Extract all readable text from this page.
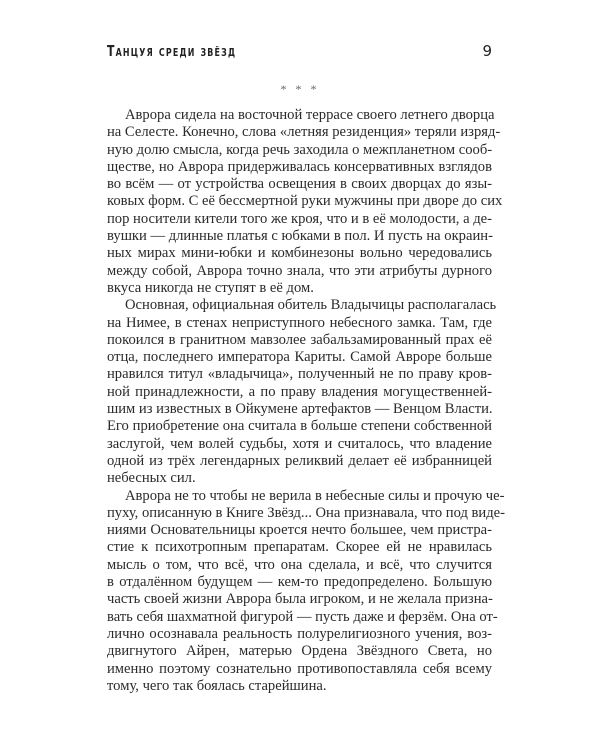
Танцуя среди звёзд	9
* * *
Аврора сидела на восточной террасе своего летнего дворца
на Селесте. Конечно, слова «летняя резиденция» теряли изряд-
ную долю смысла, когда речь заходила о межпланетном сооб-
ществе, но Аврора придерживалась консервативных взглядов
во всём — от устройства освещения в своих дворцах до язы-
ковых форм. С её бессмертной руки мужчины при дворе до сих
пор носители кители того же кроя, что и в её молодости, а де-
вушки — длинные платья с юбками в пол. И пусть на окраин-
ных мирах мини-юбки и комбинезоны вольно чередовались
между собой, Аврора точно знала, что эти атрибуты дурного
вкуса никогда не ступят в её дом.
Основная, официальная обитель Владычицы располагалась
на Нимее, в стенах неприступного небесного замка. Там, где
покоился в гранитном мавзолее забальзамированный прах её
отца, последнего императора Кариты. Самой Авроре больше
нравился титул «владычица», полученный не по праву кров-
ной принадлежности, а по праву владения могущественней-
шим из известных в Ойкумене артефактов — Венцом Власти.
Его приобретение она считала в больше степени собственной
заслугой, чем волей судьбы, хотя и считалось, что владение
одной из трёх легендарных реликвий делает её избранницей
небесных сил.
Аврора не то чтобы не верила в небесные силы и прочую че-
пуху, описанную в Книге Звёзд... Она признавала, что под виде-
ниями Основательницы кроется нечто большее, чем пристра-
стие к психотропным препаратам. Скорее ей не нравилась
мысль о том, что всё, что она сделала, и всё, что случится
в отдалённом будущем — кем-то предопределено. Большую
часть своей жизни Аврора была игроком, и не желала призна-
вать себя шахматной фигурой — пусть даже и ферзём. Она от-
лично осознавала реальность полурелигиозного учения, воз-
двигнутого Айрен, матерью Ордена Звёздного Света, но
именно поэтому сознательно противопоставляла себя всему
тому, чего так боялась старейшина.
